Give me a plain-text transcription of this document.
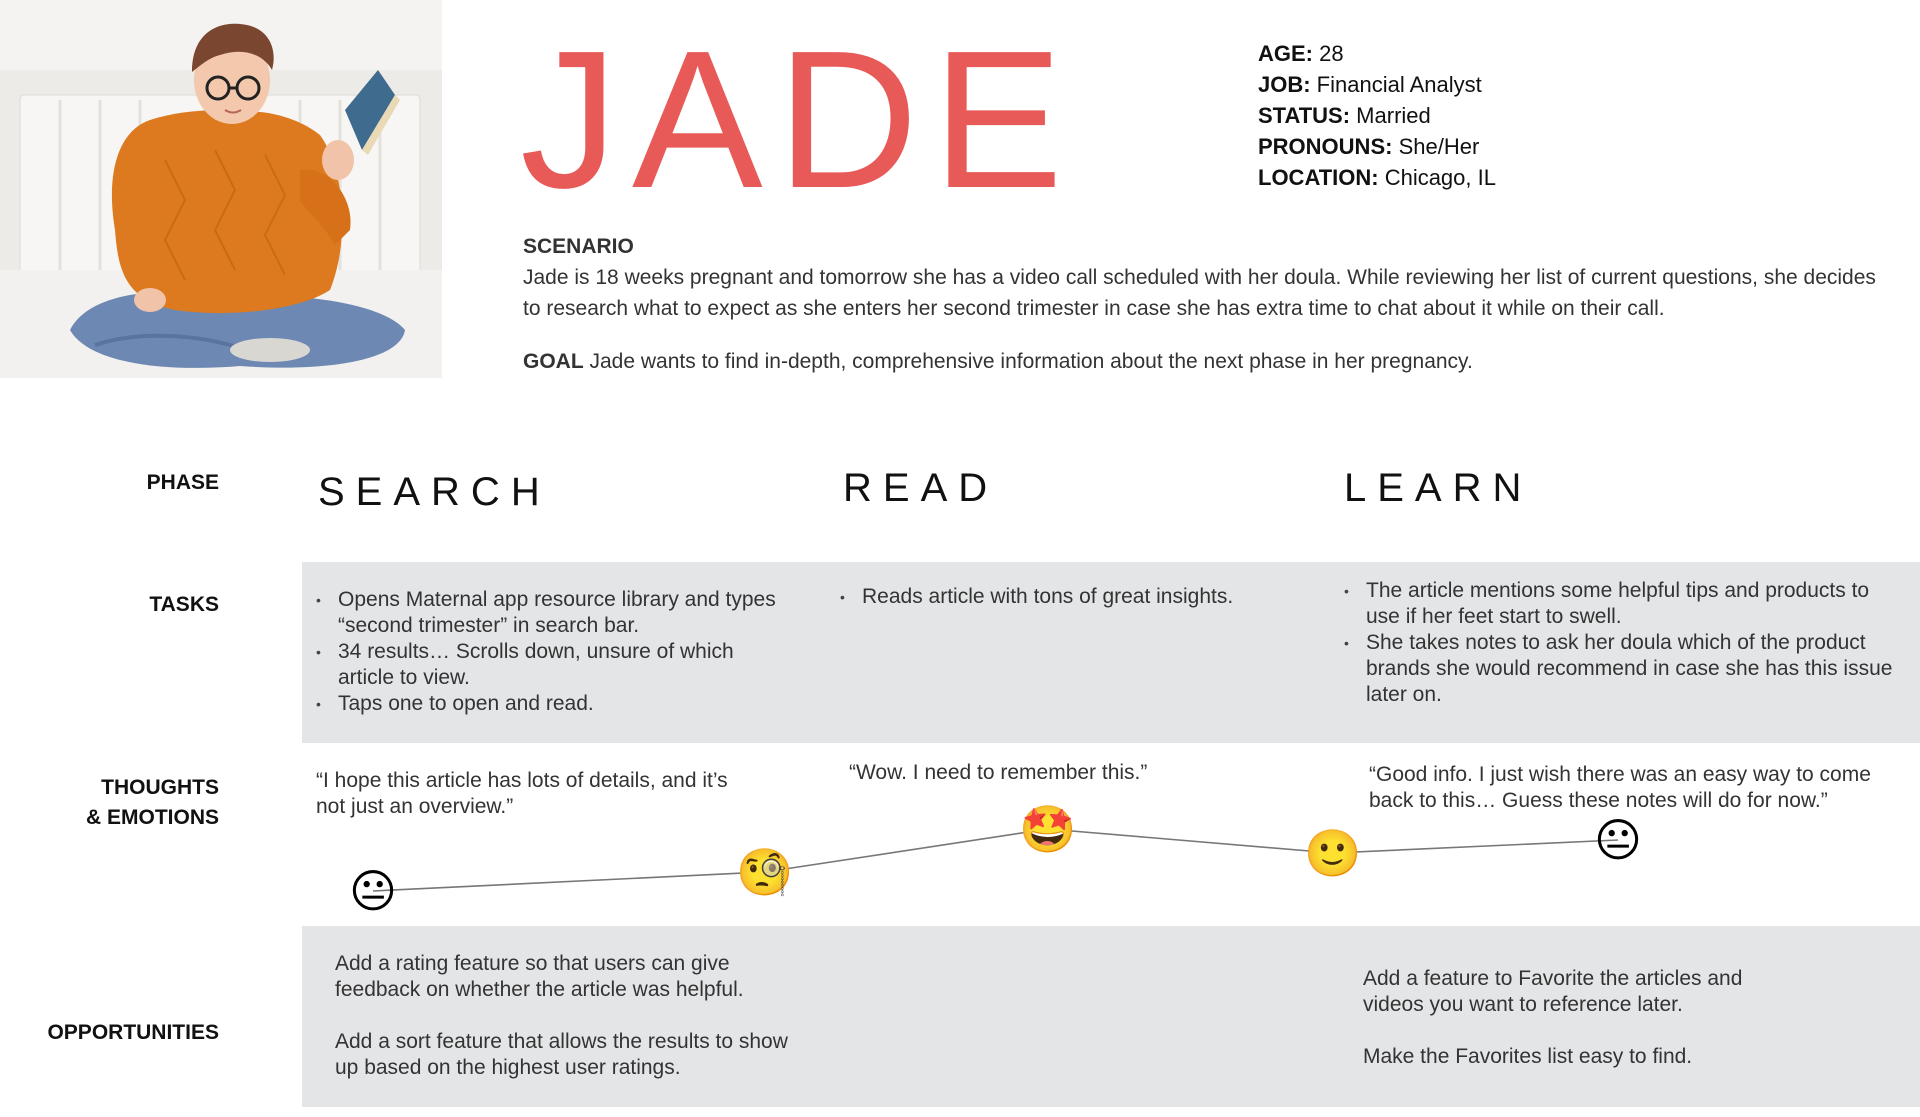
JADE	AGE: 28
JOB: Financial Analyst
STATUS: Married
PRONOUNS: She/Her
LOCATION: Chicago, IL
SCENARIO
Jade is 18 weeks pregnant and tomorrow she has a video call scheduled with her doula. While reviewing her list of current questions, she decides to research what to expect as she enters her second trimester in case she has extra time to chat about it while on their call.
GOAL Jade wants to find in-depth, comprehensive information about the next phase in her pregnancy.
PHASE
TASKS
THOUGHTS
& EMOTIONS
OPPORTUNITIES
SEARCH	READ	LEARN
• Opens Maternal app resource library and types “second trimester” in search bar.
• 34 results… Scrolls down, unsure of which article to view.
• Taps one to open and read.
• Reads article with tons of great insights.
•	The article mentions some helpful tips and products to use if her feet start to swell.
• She takes notes to ask her doula which of the product brands she would recommend in case she has this issue later on.
“I hope this article has lots of details, and it’s not just an overview.”
“Wow. I need to remember this.”	“Good info. I just wish there was an easy way to come back to this… Guess these notes will do for now.”
😐	🧐
🤩	🙂	😐

Add a rating feature so that users can give feedback on whether the article was helpful.

Add a sort feature that allows the results to show up based on the highest user ratings.

Add a feature to Favorite the articles and videos you want to reference later.

Make the Favorites list easy to find.
